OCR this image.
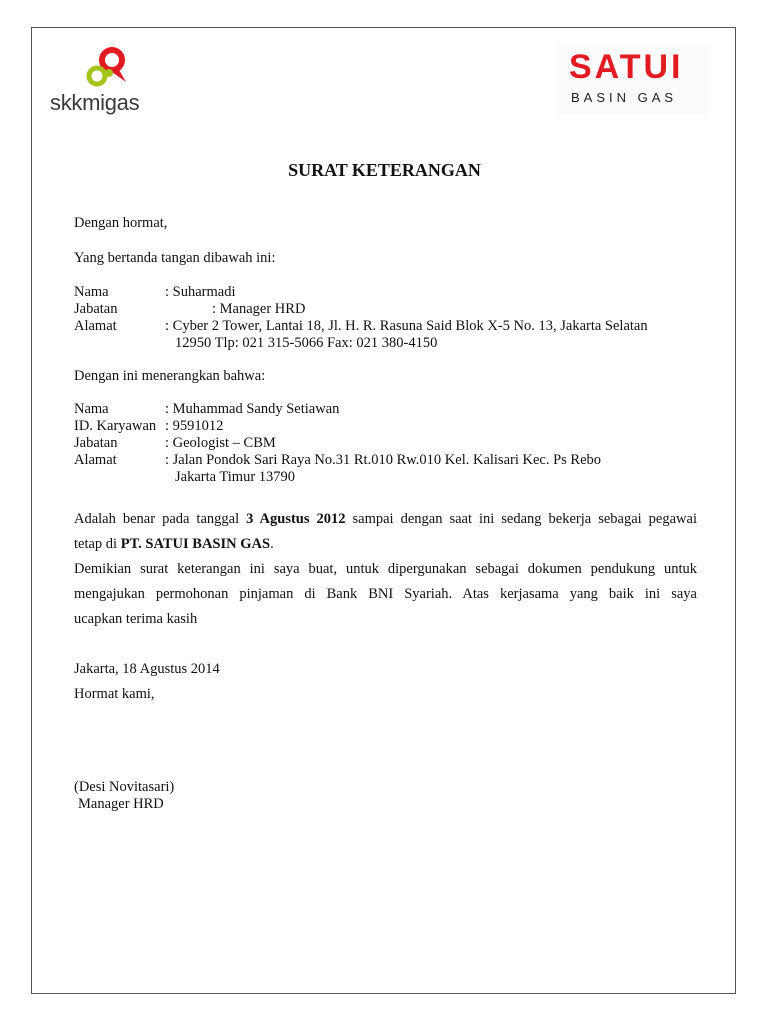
skkmigas
SATUI
BASIN GAS
SURAT KETERANGAN
Dengan hormat,
Yang bertanda tangan dibawah ini:
Nama	: Suharmadi
Jabatan	: Manager HRD
Alamat	: Cyber 2 Tower, Lantai 18, Jl. H. R. Rasuna Said Blok X-5 No. 13, Jakarta Selatan
12950 Tlp: 021 315-5066 Fax: 021 380-4150
Dengan ini menerangkan bahwa:
Nama	: Muhammad Sandy Setiawan
ID. Karyawan : 9591012
Jabatan	: Geologist – CBM
Alamat	: Jalan Pondok Sari Raya No.31 Rt.010 Rw.010 Kel. Kalisari Kec. Ps Rebo
Jakarta Timur 13790
Adalah benar pada tanggal 3 Agustus 2012 sampai dengan saat ini sedang bekerja sebagai pegawai
tetap di PT. SATUI BASIN GAS.
Demikian surat keterangan ini saya buat, untuk dipergunakan sebagai dokumen pendukung untuk
mengajukan permohonan pinjaman di Bank BNI Syariah. Atas kerjasama yang baik ini saya
ucapkan terima kasih
Jakarta, 18 Agustus 2014
Hormat kami,
(Desi Novitasari)
Manager HRD
